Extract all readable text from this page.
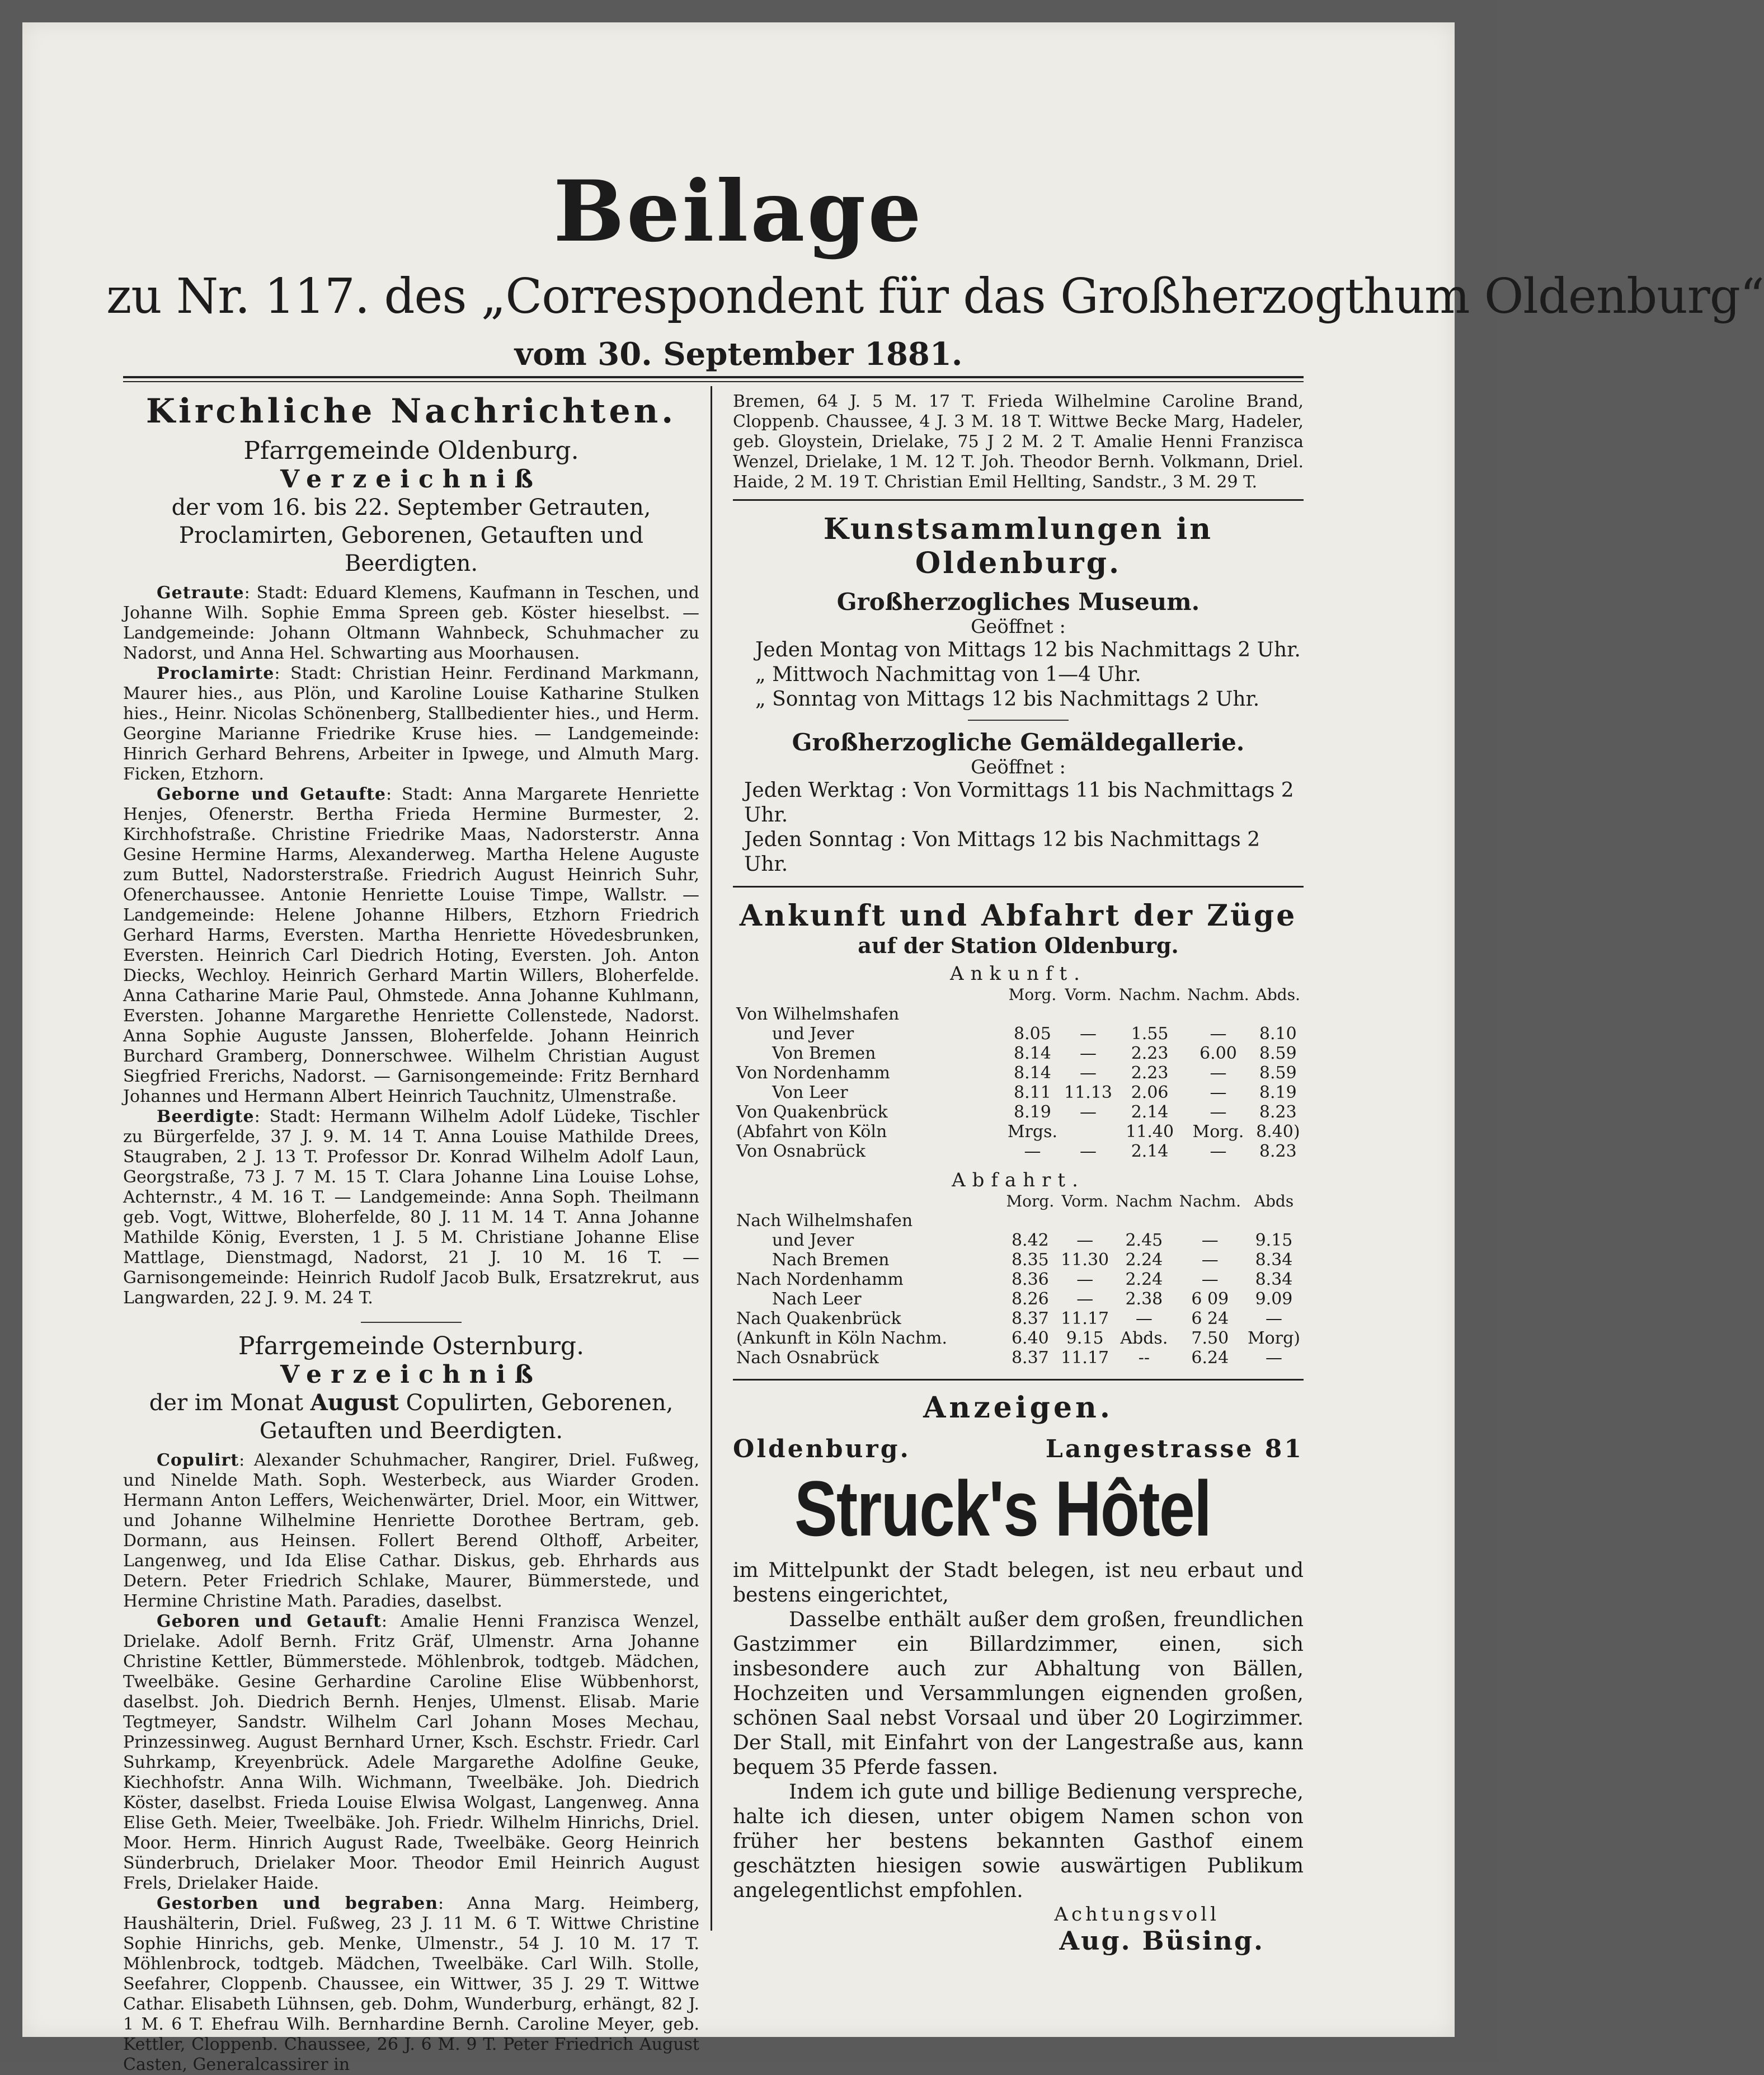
Beilage
zu Nr. 117. des „Correspondent für das Großherzogthum Oldenburg“
vom 30. September 1881.
Kirchliche Nachrichten.
Pfarrgemeinde Oldenburg.
Verzeichniß
der vom 16. bis 22. September Getrauten, Proclamirten, Geborenen, Getauften und Beerdigten.
Getraute: Stadt: Eduard Klemens, Kaufmann in Teschen, und Johanne Wilh. Sophie Emma Spreen geb. Köster hieselbst. — Landgemeinde: Johann Oltmann Wahnbeck, Schuhmacher zu Nadorst, und Anna Hel. Schwarting aus Moorhausen.
Proclamirte: Stadt: Christian Heinr. Ferdinand Markmann, Maurer hies., aus Plön, und Karoline Louise Katharine Stulken hies., Heinr. Nicolas Schönenberg, Stallbedienter hies., und Herm. Georgine Marianne Friedrike Kruse hies. — Landgemeinde: Hinrich Gerhard Behrens, Arbeiter in Ipwege, und Almuth Marg. Ficken, Etzhorn.
Geborne und Getaufte: Stadt: Anna Margarete Henriette Henjes, Ofenerstr. Bertha Frieda Hermine Burmester, 2. Kirchhofstraße. Christine Friedrike Maas, Nadorsterstr. Anna Gesine Hermine Harms, Alexanderweg. Martha Helene Auguste zum Buttel, Nadorsterstraße. Friedrich August Heinrich Suhr, Ofenerchaussee. Antonie Henriette Louise Timpe, Wallstr. — Landgemeinde: Helene Johanne Hilbers, Etzhorn Friedrich Gerhard Harms, Eversten. Martha Henriette Hövedesbrunken, Eversten. Heinrich Carl Diedrich Hoting, Eversten. Joh. Anton Diecks, Wechloy. Heinrich Gerhard Martin Willers, Bloherfelde. Anna Catharine Marie Paul, Ohmstede. Anna Johanne Kuhlmann, Eversten. Johanne Margarethe Henriette Collenstede, Nadorst. Anna Sophie Auguste Janssen, Bloherfelde. Johann Heinrich Burchard Gramberg, Donnerschwee. Wilhelm Christian August Siegfried Frerichs, Nadorst. — Garnisongemeinde: Fritz Bernhard Johannes und Hermann Albert Heinrich Tauchnitz, Ulmenstraße.
Beerdigte: Stadt: Hermann Wilhelm Adolf Lüdeke, Tischler zu Bürgerfelde, 37 J. 9. M. 14 T. Anna Louise Mathilde Drees, Staugraben, 2 J. 13 T. Professor Dr. Konrad Wilhelm Adolf Laun, Georgstraße, 73 J. 7 M. 15 T. Clara Johanne Lina Louise Lohse, Achternstr., 4 M. 16 T. — Landgemeinde: Anna Soph. Theilmann geb. Vogt, Wittwe, Bloherfelde, 80 J. 11 M. 14 T. Anna Johanne Mathilde König, Eversten, 1 J. 5 M. Christiane Johanne Elise Mattlage, Dienstmagd, Nadorst, 21 J. 10 M. 16 T. — Garnisongemeinde: Heinrich Rudolf Jacob Bulk, Ersatzrekrut, aus Langwarden, 22 J. 9. M. 24 T.
Pfarrgemeinde Osternburg.
Verzeichniß
der im Monat August Copulirten, Geborenen, Getauften und Beerdigten.
Copulirt: Alexander Schuhmacher, Rangirer, Driel. Fußweg, und Ninelde Math. Soph. Westerbeck, aus Wiarder Groden. Hermann Anton Leffers, Weichenwärter, Driel. Moor, ein Wittwer, und Johanne Wilhelmine Henriette Dorothee Bertram, geb. Dormann, aus Heinsen. Follert Berend Olthoff, Arbeiter, Langenweg, und Ida Elise Cathar. Diskus, geb. Ehrhards aus Detern. Peter Friedrich Schlake, Maurer, Bümmerstede, und Hermine Christine Math. Paradies, daselbst.
Geboren und Getauft: Amalie Henni Franzisca Wenzel, Drielake. Adolf Bernh. Fritz Gräf, Ulmenstr. Arna Johanne Christine Kettler, Bümmerstede. Möhlenbrok, todtgeb. Mädchen, Tweelbäke. Gesine Gerhardine Caroline Elise Wübbenhorst, daselbst. Joh. Diedrich Bernh. Henjes, Ulmenst. Elisab. Marie Tegtmeyer, Sandstr. Wilhelm Carl Johann Moses Mechau, Prinzessinweg. August Bernhard Urner, Ksch. Eschstr. Friedr. Carl Suhrkamp, Kreyenbrück. Adele Margarethe Adolfine Geuke, Kiechhofstr. Anna Wilh. Wichmann, Tweelbäke. Joh. Diedrich Köster, daselbst. Frieda Louise Elwisa Wolgast, Langenweg. Anna Elise Geth. Meier, Tweelbäke. Joh. Friedr. Wilhelm Hinrichs, Driel. Moor. Herm. Hinrich August Rade, Tweelbäke. Georg Heinrich Sünderbruch, Drielaker Moor. Theodor Emil Heinrich August Frels, Drielaker Haide.
Gestorben und begraben: Anna Marg. Heimberg, Haushälterin, Driel. Fußweg, 23 J. 11 M. 6 T. Wittwe Christine Sophie Hinrichs, geb. Menke, Ulmenstr., 54 J. 10 M. 17 T. Möhlenbrock, todtgeb. Mädchen, Tweelbäke. Carl Wilh. Stolle, Seefahrer, Cloppenb. Chaussee, ein Wittwer, 35 J. 29 T. Wittwe Cathar. Elisabeth Lühnsen, geb. Dohm, Wunderburg, erhängt, 82 J. 1 M. 6 T. Ehefrau Wilh. Bernhardine Bernh. Caroline Meyer, geb. Kettler, Cloppenb. Chaussee, 26 J. 6 M. 9 T. Peter Friedrich August Casten, Generalcassirer in
Bremen, 64 J. 5 M. 17 T. Frieda Wilhelmine Caroline Brand, Cloppenb. Chaussee, 4 J. 3 M. 18 T. Wittwe Becke Marg, Hadeler, geb. Gloystein, Drielake, 75 J 2 M. 2 T. Amalie Henni Franzisca Wenzel, Drielake, 1 M. 12 T. Joh. Theodor Bernh. Volkmann, Driel. Haide, 2 M. 19 T. Christian Emil Hellting, Sandstr., 3 M. 29 T.
Kunstsammlungen in Oldenburg.
Großherzogliches Museum.
Geöffnet :
Jeden Montag von Mittags 12 bis Nachmittags 2 Uhr.
„ Mittwoch Nachmittag von 1—4 Uhr.
„ Sonntag von Mittags 12 bis Nachmittags 2 Uhr.
Großherzogliche Gemäldegallerie.
Geöffnet :
Jeden Werktag : Von Vormittags 11 bis Nachmittags 2 Uhr.
Jeden Sonntag : Von Mittags 12 bis Nachmittags 2 Uhr.
Ankunft und Abfahrt der Züge
auf der Station Oldenburg.
Ankunft.
	Morg.	Vorm.	Nachm.	Nachm.	Abds.
Von Wilhelmshafen					
und Jever	8.05	—	1.55	—	8.10
Von Bremen	8.14	—	2.23	6.00	8.59
Von Nordenhamm	8.14	—	2.23	—	8.59
Von Leer	8.11	11.13	2.06	—	8.19
Von Quakenbrück	8.19	—	2.14	—	8.23
(Abfahrt von Köln	Mrgs.		11.40	Morg.	8.40)
Von Osnabrück	—	—	2.14	—	8.23
Abfahrt.
	Morg.	Vorm.	Nachm	Nachm.	Abds
Nach Wilhelmshafen					
und Jever	8.42	—	2.45	—	9.15
Nach Bremen	8.35	11.30	2.24	—	8.34
Nach Nordenhamm	8.36	—	2.24	—	8.34
Nach Leer	8.26	—	2.38	6 09	9.09
Nach Quakenbrück	8.37	11.17	—	6 24	—
(Ankunft in Köln Nachm.	6.40	9.15	Abds.	7.50	Morg)
Nach Osnabrück	8.37	11.17	--	6.24	—
Anzeigen.
Oldenburg.	Langestrasse 81
Struck's Hôtel
im Mittelpunkt der Stadt belegen, ist neu erbaut und bestens eingerichtet,
Dasselbe enthält außer dem großen, freundlichen Gastzimmer ein Billardzimmer, einen, sich insbesondere auch zur Abhaltung von Bällen, Hochzeiten und Versammlungen eignenden großen, schönen Saal nebst Vorsaal und über 20 Logirzimmer. Der Stall, mit Einfahrt von der Langestraße aus, kann bequem 35 Pferde fassen.
Indem ich gute und billige Bedienung verspreche, halte ich diesen, unter obigem Namen schon von früher her bestens bekannten Gasthof einem geschätzten hiesigen sowie auswärtigen Publikum angelegentlichst empfohlen.
Achtungsvoll
Aug. Büsing.
